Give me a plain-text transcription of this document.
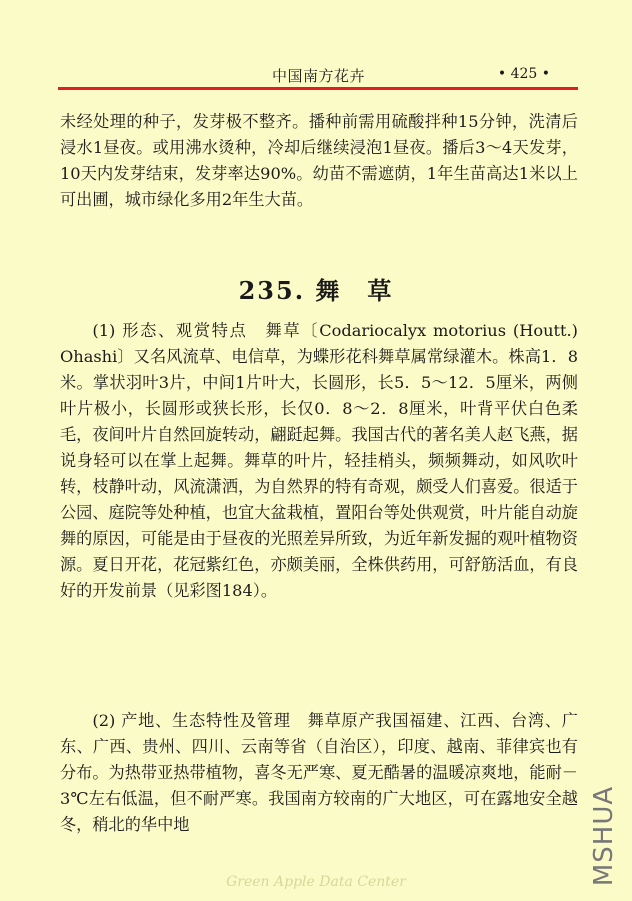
中国南方花卉	• 425 •

未经处理的种子，发芽极不整齐。播种前需用硫酸拌种15分钟，洗清后浸水1昼夜。或用沸水烫种，冷却后继续浸泡1昼夜。播后3～4天发芽，10天内发芽结束，发芽率达90%。幼苗不需遮荫，1年生苗高达1米以上可出圃，城市绿化多用2年生大苗。

235. 舞　草

(1) 形态、观赏特点　舞草〔Codariocalyx motorius (Houtt.) Ohashi〕又名风流草、电信草，为蝶形花科舞草属常绿灌木。株高1．8米。掌状羽叶3片，中间1片叶大，长圆形，长5．5～12．5厘米，两侧叶片极小，长圆形或狭长形，长仅0．8～2．8厘米，叶背平伏白色柔毛，夜间叶片自然回旋转动，翩跹起舞。我国古代的著名美人赵飞燕，据说身轻可以在掌上起舞。舞草的叶片，轻挂梢头，频频舞动，如风吹叶转，枝静叶动，风流潇洒，为自然界的特有奇观，颇受人们喜爱。很适于公园、庭院等处种植，也宜大盆栽植，置阳台等处供观赏，叶片能自动旋舞的原因，可能是由于昼夜的光照差异所致，为近年新发掘的观叶植物资源。夏日开花，花冠紫红色，亦颇美丽，全株供药用，可舒筋活血，有良好的开发前景（见彩图184）。

(2) 产地、生态特性及管理　舞草原产我国福建、江西、台湾、广东、广西、贵州、四川、云南等省（自治区），印度、越南、菲律宾也有分布。为热带亚热带植物，喜冬无严寒、夏无酷暑的温暖凉爽地，能耐－3℃左右低温，但不耐严寒。我国南方较南的广大地区，可在露地安全越冬，稍北的华中地

Green Apple Data Center	MSHUA
